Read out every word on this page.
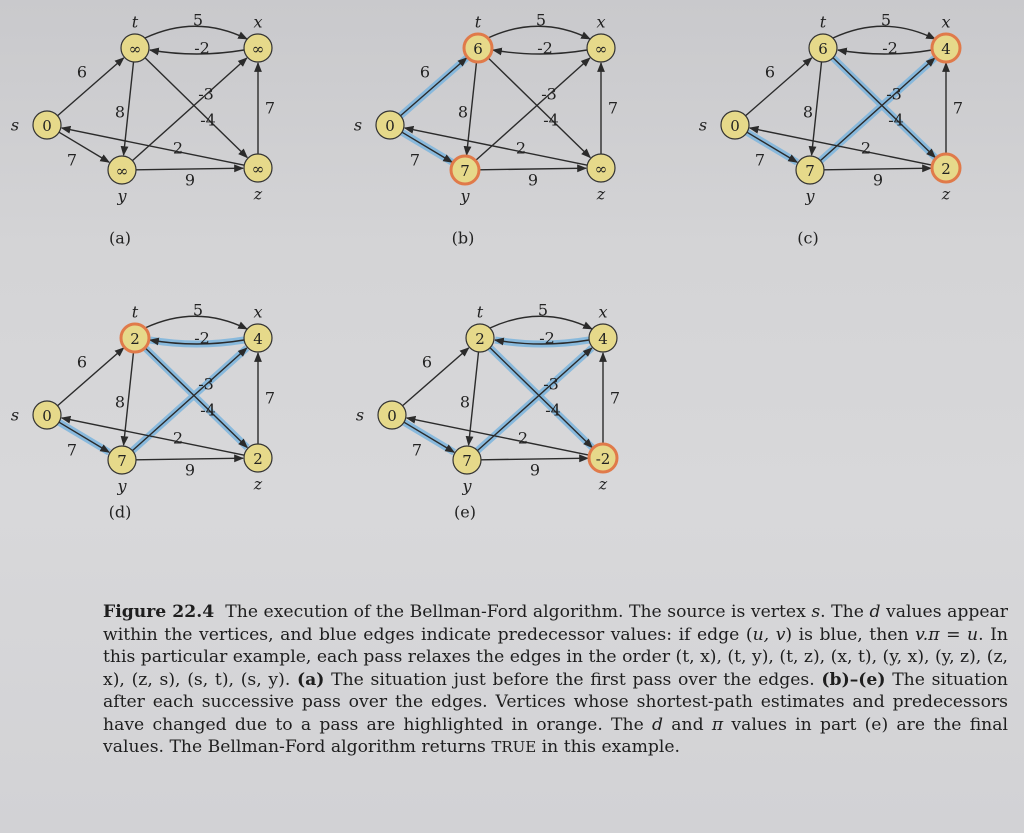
6
7
5
-2
8	-4
-3
9
7
2
0
s
∞
t
∞
x
∞
y
∞
z
(a)
6
7
5
-2
8	-4
-3
9
7
2
0
s
6
t
∞
x
7
y
∞
z
(b)
6
7
5
-2
8	-4
-3
9
7
2
0
s
6
t
4
x
7
y
2
z
(c)
6
7
5
-2
8	-4
-3
9
7
2
0
s
2
t
4
x
7
y
2
z
(d)
6
7
5
-2
8	-4
-3
9
7
2
0
s
2
t
4
x
7
y
-2
z
(e)
Figure 22.4 The execution of the Bellman-Ford algorithm. The source is vertex s. The d values appear within the vertices, and blue edges indicate predecessor values: if edge (u, v) is blue, then v.π = u. In this particular example, each pass relaxes the edges in the order (t, x), (t, y), (t, z), (x, t), (y, x), (y, z), (z, x), (z, s), (s, t), (s, y). (a) The situation just before the first pass over the edges. (b)–(e) The situation after each successive pass over the edges. Vertices whose shortest-path estimates and predecessors have changed due to a pass are highlighted in orange. The d and π values in part (e) are the final values. The Bellman-Ford algorithm returns TRUE in this example.
